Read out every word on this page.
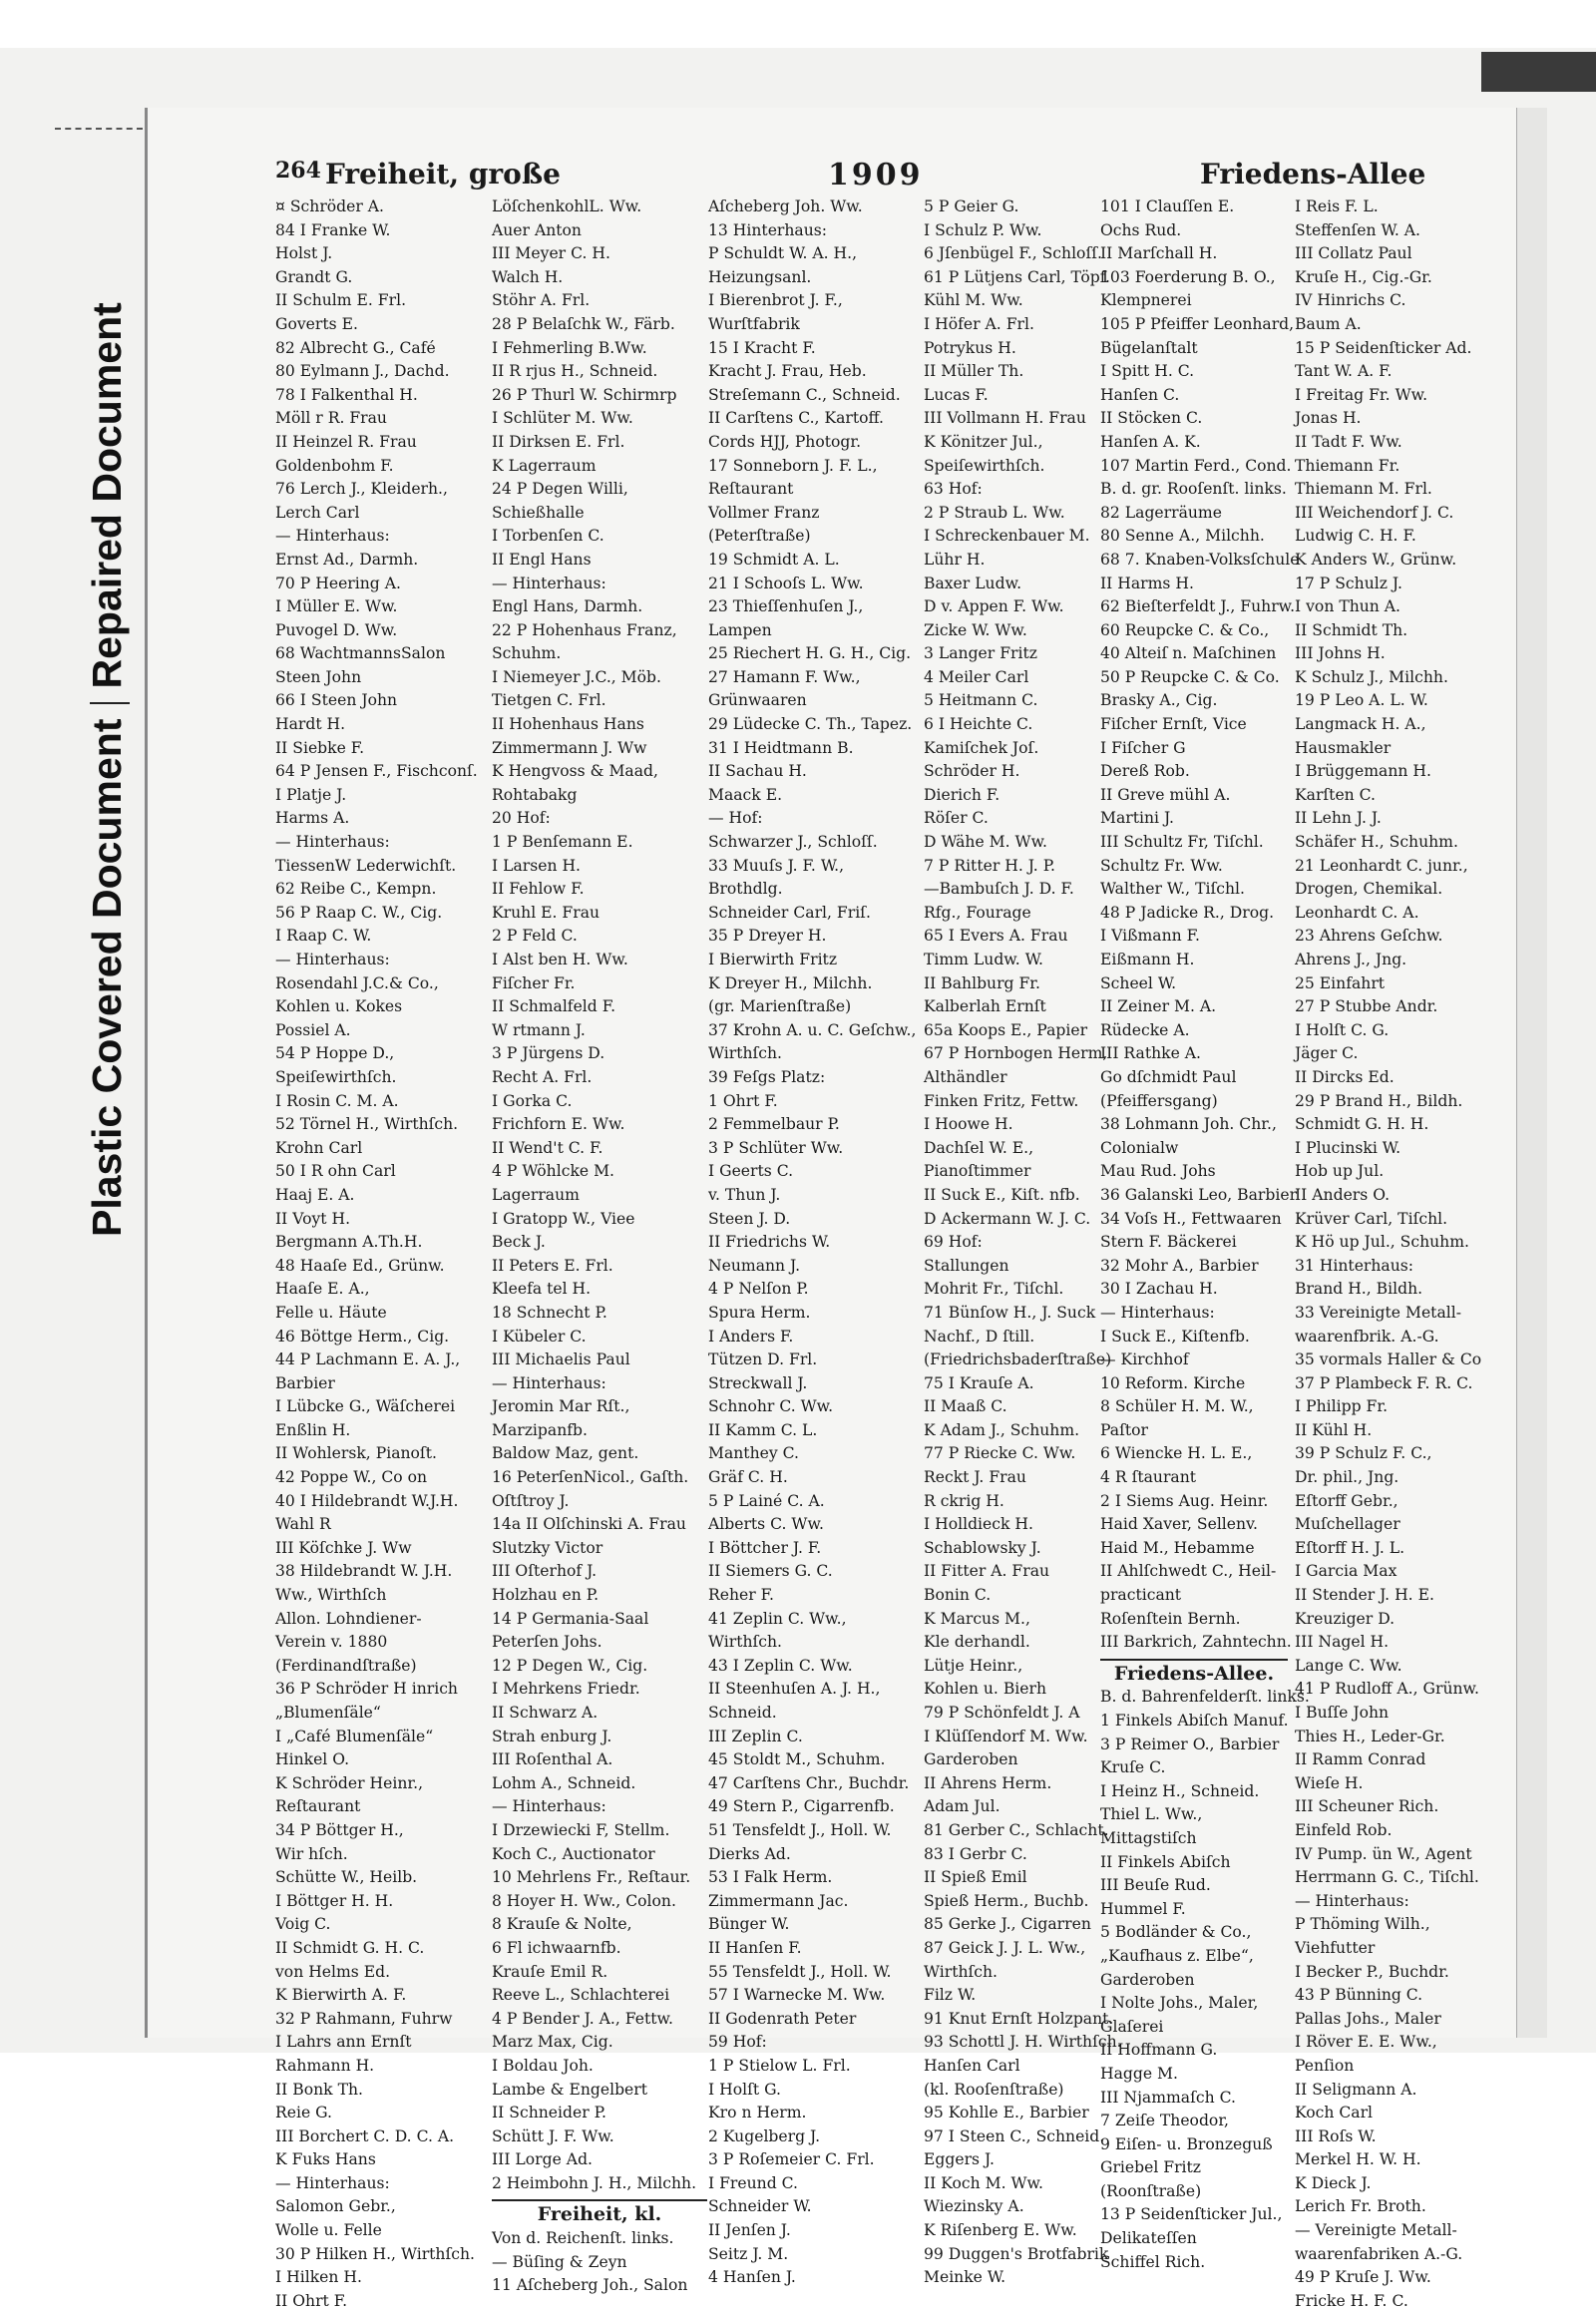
Plastic Covered DocumentRepaired Document
264 Freiheit, große	1909	Friedens-Allee
¤ Schröder A.
84 I Franke W.
Holst J.
Grandt G.
II Schulm E. Frl.
Goverts E.
82 Albrecht G., Café
80 Eylmann J., Dachd.
78 I Falkenthal H.
Möll r R. Frau
II Heinzel R. Frau
Goldenbohm F.
76 Lerch J., Kleiderh.,
Lerch Carl
— Hinterhaus:
Ernst Ad., Darmh.
70 P Heering A.
I Müller E. Ww.
Puvogel D. Ww.
68 WachtmannsSalon
Steen John
66 I Steen John
Hardt H.
II Siebke F.
64 P Jensen F., Fischconſ.
I Platje J.
Harms A.
— Hinterhaus:
TiessenW Lederwichſt.
62 Reibe C., Kempn.
56 P Raap C. W., Cig.
I Raap C. W.
— Hinterhaus:
Rosendahl J.C.& Co.,
Kohlen u. Kokes
Possiel A.
54 P Hoppe D.,
Speiſewirthſch.
I Rosin C. M. A.
52 Törnel H., Wirthſch.
Krohn Carl
50 I R ohn Carl
Haaj E. A.
II Voyt H.
Bergmann A.Th.H.
48 Haaſe Ed., Grünw.
Haaſe E. A.,
Felle u. Häute
46 Böttge Herm., Cig.
44 P Lachmann E. A. J.,
Barbier
I Lübcke G., Wäſcherei
Enßlin H.
II Wohlersk, Pianoſt.
42 Poppe W., Co on
40 I Hildebrandt W.J.H.
Wahl R
III Köſchke J. Ww
38 Hildebrandt W. J.H.
Ww., Wirthſch
Allon. Lohndiener-
Verein v. 1880
(Ferdinandſtraße)
36 P Schröder H inrich
„Blumenſäle“
I „Café Blumenſäle“
Hinkel O.
K Schröder Heinr.,
Reſtaurant
34 P Böttger H.,
Wir hſch.
Schütte W., Heilb.
I Böttger H. H.
Voig C.
II Schmidt G. H. C.
von Helms Ed.
K Bierwirth A. F.
32 P Rahmann, Fuhrw
I Lahrs ann Ernſt
Rahmann H.
II Bonk Th.
Reie G.
III Borchert C. D. C. A.
K Fuks Hans
— Hinterhaus:
Salomon Gebr.,
Wolle u. Felle
30 P Hilken H., Wirthſch.
I Hilken H.
II Ohrt F.
LöſchenkohlL. Ww.
Auer Anton
III Meyer C. H.
Walch H.
Stöhr A. Frl.
28 P Belaſchk W., Färb.
I Fehmerling B.Ww.
II R rjus H., Schneid.
26 P Thurl W. Schirmrp
I Schlüter M. Ww.
II Dirksen E. Frl.
K Lagerraum
24 P Degen Willi,
Schießhalle
I Torbenſen C.
II Engl Hans
— Hinterhaus:
Engl Hans, Darmh.
22 P Hohenhaus Franz,
Schuhm.
I Niemeyer J.C., Möb.
Tietgen C. Frl.
II Hohenhaus Hans
Zimmermann J. Ww
K Hengvoss & Maad,
Rohtabakg
20 Hof:
1 P Benſemann E.
I Larsen H.
II Fehlow F.
Kruhl E. Frau
2 P Feld C.
I Alst ben H. Ww.
Fiſcher Fr.
II Schmalfeld F.
W rtmann J.
3 P Jürgens D.
Recht A. Frl.
I Gorka C.
Frichforn E. Ww.
II Wend't C. F.
4 P Wöhlcke M.
Lagerraum
I Gratopp W., Viee
Beck J.
II Peters E. Frl.
Kleefa tel H.
18 Schnecht P.
I Kübeler C.
III Michaelis Paul
— Hinterhaus:
Jeromin Mar Rſt.,
Marzipanfb.
Baldow Maz, gent.
16 PeterſenNicol., Gaſth.
Oſtſtroy J.
14a II Olſchinski A. Frau
Slutzky Victor
III Oſterhof J.
Holzhau en P.
14 P Germania-Saal
Peterſen Johs.
12 P Degen W., Cig.
I Mehrkens Friedr.
II Schwarz A.
Strah enburg J.
III Roſenthal A.
Lohm A., Schneid.
— Hinterhaus:
I Drzewiecki F, Stellm.
Koch C., Auctionator
10 Mehrlens Fr., Reſtaur.
8 Hoyer H. Ww., Colon.
8 Krauſe & Nolte,
6 Fl ichwaarnfb.
Krauſe Emil R.
Reeve L., Schlachterei
4 P Bender J. A., Fettw.
Marz Max, Cig.
I Boldau Joh.
Lambe & Engelbert
II Schneider P.
Schütt J. F. Ww.
III Lorge Ad.
2 Heimbohn J. H., Milchh.
Freiheit, kl.
Von d. Reichenſt. links.
— Büſing & Zeyn
11 Aſcheberg Joh., Salon
Aſcheberg Joh. Ww.
13 Hinterhaus:
P Schuldt W. A. H.,
Heizungsanl.
I Bierenbrot J. F.,
Wurſtfabrik
15 I Kracht F.
Kracht J. Frau, Heb.
Streſemann C., Schneid.
II Carſtens C., Kartoff.
Cords HJJ, Photogr.
17 Sonneborn J. F. L.,
Reſtaurant
Vollmer Franz
(Peterſtraße)
19 Schmidt A. L.
21 I Schooſs L. Ww.
23 Thieſſenhuſen J.,
Lampen
25 Riechert H. G. H., Cig.
27 Hamann F. Ww.,
Grünwaaren
29 Lüdecke C. Th., Tapez.
31 I Heidtmann B.
II Sachau H.
Maack E.
— Hof:
Schwarzer J., Schloſſ.
33 Muuſs J. F. W.,
Brothdlg.
Schneider Carl, Friſ.
35 P Dreyer H.
I Bierwirth Fritz
K Dreyer H., Milchh.
(gr. Marienſtraße)
37 Krohn A. u. C. Geſchw.,
Wirthſch.
39 Feſgs Platz:
1 Ohrt F.
2 Femmelbaur P.
3 P Schlüter Ww.
I Geerts C.
v. Thun J.
Steen J. D.
II Friedrichs W.
Neumann J.
4 P Nelſon P.
Spura Herm.
I Anders F.
Tützen D. Frl.
Streckwall J.
Schnohr C. Ww.
II Kamm C. L.
Manthey C.
Gräf C. H.
5 P Lainé C. A.
Alberts C. Ww.
I Böttcher J. F.
II Siemers G. C.
Reher F.
41 Zeplin C. Ww.,
Wirthſch.
43 I Zeplin C. Ww.
II Steenhuſen A. J. H.,
Schneid.
III Zeplin C.
45 Stoldt M., Schuhm.
47 Carſtens Chr., Buchdr.
49 Stern P., Cigarrenfb.
51 Tensfeldt J., Holl. W.
Dierks Ad.
53 I Falk Herm.
Zimmermann Jac.
Bünger W.
II Hanſen F.
55 Tensfeldt J., Holl. W.
57 I Warnecke M. Ww.
II Godenrath Peter
59 Hof:
1 P Stielow L. Frl.
I Holſt G.
Kro n Herm.
2 Kugelberg J.
3 P Roſemeier C. Frl.
I Freund C.
Schneider W.
II Jenſen J.
Seitz J. M.
4 Hanſen J.
5 P Geier G.
I Schulz P. Ww.
6 Jſenbügel F., Schloſſ.
61 P Lütjens Carl, Töpf.
Kühl M. Ww.
I Höfer A. Frl.
Potrykus H.
II Müller Th.
Lucas F.
III Vollmann H. Frau
K Könitzer Jul.,
Speiſewirthſch.
63 Hof:
2 P Straub L. Ww.
I Schreckenbauer M.
Lühr H.
Baxer Ludw.
D v. Appen F. Ww.
Zicke W. Ww.
3 Langer Fritz
4 Meiler Carl
5 Heitmann C.
6 I Heichte C.
Kamiſchek Joſ.
Schröder H.
Dierich F.
Röſer C.
D Wähe M. Ww.
7 P Ritter H. J. P.
—Bambuſch J. D. F.
Rfg., Fourage
65 I Evers A. Frau
Timm Ludw. W.
II Bahlburg Fr.
Kalberlah Ernſt
65a Koops E., Papier
67 P Hornbogen Herm,
Althändler
Finken Fritz, Fettw.
I Hoowe H.
Dachſel W. E.,
Pianoſtimmer
II Suck E., Kiſt. nfb.
D Ackermann W. J. C.
69 Hof:
Stallungen
Mohrit Fr., Tiſchl.
71 Bünſow H., J. Suck
Nachf., D ſtill.
(Friedrichsbaderſtraße)
75 I Krauſe A.
II Maaß C.
K Adam J., Schuhm.
77 P Riecke C. Ww.
Reckt J. Frau
R ckrig H.
I Holldieck H.
Schablowsky J.
II Fitter A. Frau
Bonin C.
K Marcus M.,
Kle derhandl.
Lütje Heinr.,
Kohlen u. Bierh
79 P Schönfeldt J. A
I Klüſſendorf M. Ww.
Garderoben
II Ahrens Herm.
Adam Jul.
81 Gerber C., Schlacht.
83 I Gerbr C.
II Spieß Emil
Spieß Herm., Buchb.
85 Gerke J., Cigarren
87 Geick J. J. L. Ww.,
Wirthſch.
Filz W.
91 Knut Ernſt Holzpant.
93 Schottl J. H. Wirthſch.
Hanſen Carl
(kl. Rooſenſtraße)
95 Kohlle E., Barbier
97 I Steen C., Schneid.
Eggers J.
II Koch M. Ww.
Wiezinsky A.
K Riſenberg E. Ww.
99 Duggen's Brotfabrik
Meinke W.
101 I Clauſſen E.
Ochs Rud.
II Marſchall H.
103 Foerderung B. O.,
Klempnerei
105 P Pfeiffer Leonhard,
Bügelanſtalt
I Spitt H. C.
Hanſen C.
II Stöcken C.
Hanſen A. K.
107 Martin Ferd., Cond.
B. d. gr. Rooſenſt. links.
82 Lagerräume
80 Senne A., Milchh.
68 7. Knaben-Volksſchule
II Harms H.
62 Bieſterfeldt J., Fuhrw.
60 Reupcke C. & Co.,
40 Alteiſ n. Maſchinen
50 P Reupcke C. & Co.
Brasky A., Cig.
Fiſcher Ernſt, Vice
I Fiſcher G
Dereß Rob.
II Greve mühl A.
Martini J.
III Schultz Fr, Tiſchl.
Schultz Fr. Ww.
Walther W., Tiſchl.
48 P Jadicke R., Drog.
I Vißmann F.
Eißmann H.
Scheel W.
II Zeiner M. A.
Rüdecke A.
III Rathke A.
Go dſchmidt Paul
(Pfeiffersgang)
38 Lohmann Joh. Chr.,
Colonialw
Mau Rud. Johs
36 Galanski Leo, Barbier
34 Voſs H., Fettwaaren
Stern F. Bäckerei
32 Mohr A., Barbier
30 I Zachau H.
— Hinterhaus:
I Suck E., Kiſtenfb.
— Kirchhof
10 Reform. Kirche
8 Schüler H. M. W.,
Paſtor
6 Wiencke H. L. E.,
4 R ſtaurant
2 I Siems Aug. Heinr.
Haid Xaver, Sellenv.
Haid M., Hebamme
II Ahlſchwedt C., Heil-
practicant
Roſenſtein Bernh.
III Barkrich, Zahntechn.
Friedens-Allee.
B. d. Bahrenfelderſt. links.
1 Finkels Abiſch Manuf.
3 P Reimer O., Barbier
Kruſe C.
I Heinz H., Schneid.
Thiel L. Ww.,
Mittagstiſch
II Finkels Abiſch
III Beuſe Rud.
Hummel F.
5 Bodländer & Co.,
„Kaufhaus z. Elbe“,
Garderoben
I Nolte Johs., Maler,
Glaſerei
II Hoffmann G.
Hagge M.
III Njammaſch C.
7 Zeiſe Theodor,
9 Eiſen- u. Bronzeguß
Griebel Fritz
(Roonſtraße)
13 P Seidenſticker Jul.,
Delikateſſen
Schiffel Rich.
I Reis F. L.
Steffenſen W. A.
III Collatz Paul
Kruſe H., Cig.-Gr.
IV Hinrichs C.
Baum A.
15 P Seidenſticker Ad.
Tant W. A. F.
I Freitag Fr. Ww.
Jonas H.
II Tadt F. Ww.
Thiemann Fr.
Thiemann M. Frl.
III Weichendorf J. C.
Ludwig C. H. F.
K Anders W., Grünw.
17 P Schulz J.
I von Thun A.
II Schmidt Th.
III Johns H.
K Schulz J., Milchh.
19 P Leo A. L. W.
Langmack H. A.,
Hausmakler
I Brüggemann H.
Karſten C.
II Lehn J. J.
Schäfer H., Schuhm.
21 Leonhardt C. junr.,
Drogen, Chemikal.
Leonhardt C. A.
23 Ahrens Geſchw.
Ahrens J., Jng.
25 Einfahrt
27 P Stubbe Andr.
I Holſt C. G.
Jäger C.
II Dircks Ed.
29 P Brand H., Bildh.
Schmidt G. H. H.
I Plucinski W.
Hob up Jul.
II Anders O.
Krüver Carl, Tiſchl.
K Hö up Jul., Schuhm.
31 Hinterhaus:
Brand H., Bildh.
33 Vereinigte Metall-
waarenfbrik. A.-G.
35 vormals Haller & Co
37 P Plambeck F. R. C.
I Philipp Fr.
II Kühl H.
39 P Schulz F. C.,
Dr. phil., Jng.
Eſtorff Gebr.,
Muſchellager
Eſtorff H. J. L.
I Garcia Max
II Stender J. H. E.
Kreuziger D.
III Nagel H.
Lange C. Ww.
41 P Rudloff A., Grünw.
I Buſſe John
Thies H., Leder-Gr.
II Ramm Conrad
Wieſe H.
III Scheuner Rich.
Einfeld Rob.
IV Pump. ün W., Agent
Herrmann G. C., Tiſchl.
— Hinterhaus:
P Thöming Wilh.,
Viehfutter
I Becker P., Buchdr.
43 P Bünning C.
Pallas Johs., Maler
I Röver E. E. Ww.,
Penſion
II Seligmann A.
Koch Carl
III Roſs W.
Merkel H. W. H.
K Dieck J.
Lerich Fr. Broth.
— Vereinigte Metall-
waarenfabriken A.-G.
49 P Kruſe J. Ww.
Fricke H. F. C.
